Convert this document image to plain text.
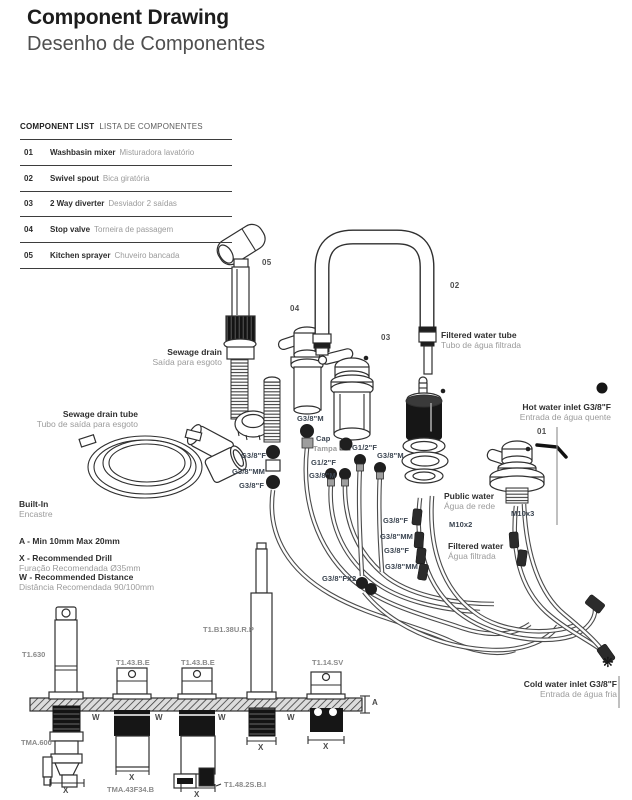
Component Drawing
Desenho de Componentes
COMPONENT LIST LISTA DE COMPONENTES
01	Washbasin mixer Misturadora lavatório
02	Swivel spout Bica giratória
03	2 Way diverter Desviador 2 saídas
04	Stop valve Torneira de passagem
05	Kitchen sprayer Chuveiro bancada
05
04
03
02
01
Sewage drain
Saída para esgoto
Sewage drain tube
Tubo de saída para esgoto
Filtered water tube
Tubo de água filtrada
Hot water inlet G3/8"F
Entrada de água quente
Public water
Água de rede
Filtered water
Água filtrada
Cold water inlet G3/8"F
Entrada de água fria
Built-In
Encastre
A - Min 10mm Max 20mm
X - Recommended Drill
Furação Recomendada Ø35mm
W - Recommended Distance
Distância Recomendada 90/100mm
G3/8"M
Cap
Tampa G1/2"F
G3/8"M
G1/2"F
G3/8"M
G3/8"F
G3/8"MM
G3/8"F
G3/8"F
G3/8"MM
G3/8"F
G3/8"MM
M10x2
M10x3
G3/8"FX2
T1.630
T1.43.B.E	T1.43.B.E
T1.B1.38U.R.P
T1.14.SV
TMA.600
TMA.43F34.B
T1.48.2S.B.I
W	W	W	W
X
X
X
X	X
A
❋
